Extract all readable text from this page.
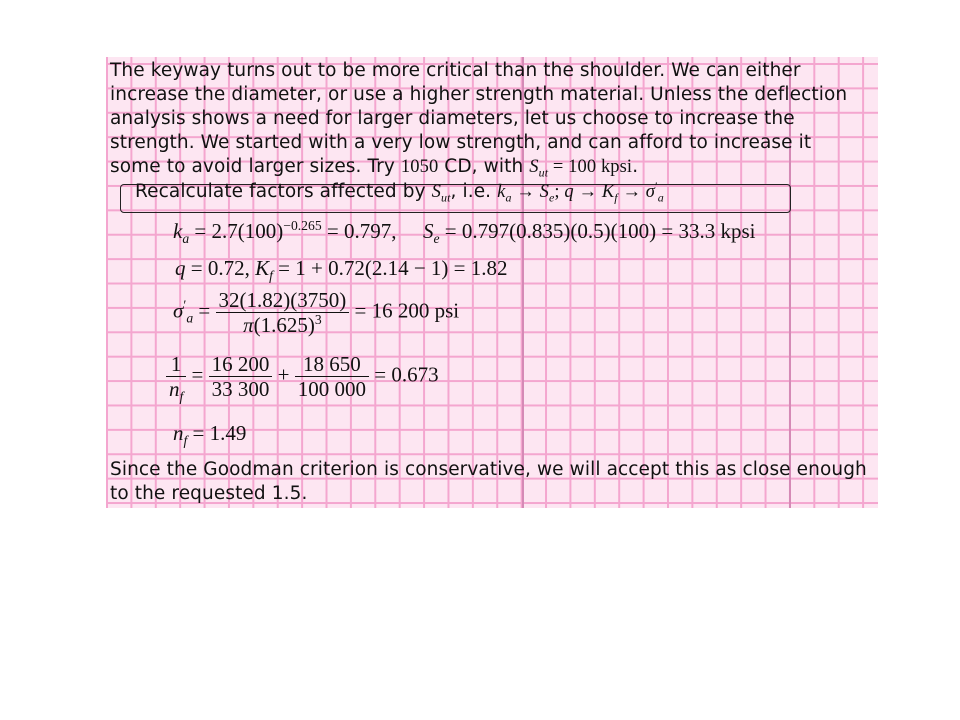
The keyway turns out to be more critical than the shoulder. We can either
increase the diameter, or use a higher strength material. Unless the deflection
analysis shows a need for larger diameters, let us choose to increase the
strength. We started with a very low strength, and can afford to increase it
some to avoid larger sizes. Try 1050 CD, with $S_{ut} = 100$ kpsi.
Recalculate factors affected by $S_{ut}$, i.e. $k_a \to S_e$; $q \to K_f \to \sigma'_a$
$k_a = 2.7(100)^{-0.265} = 0.797$, $S_e = 0.797(0.835)(0.5)(100) = 33.3$ kpsi
q = 0.72, $K_f = 1 + 0.72(2.14 - 1) = 1.82$
$\sigma'_a = \frac{32(1.82)(3750)}{\pi(1.625)^3} = 16$ 200 psi
$\frac{1}{n_f} = \frac{16 200}{33 300} + \frac{18 650}{100 000} = 0.673$
$n_f = 1.49$
Since the Goodman criterion is conservative, we will accept this as close enough
to the requested 1.5.
